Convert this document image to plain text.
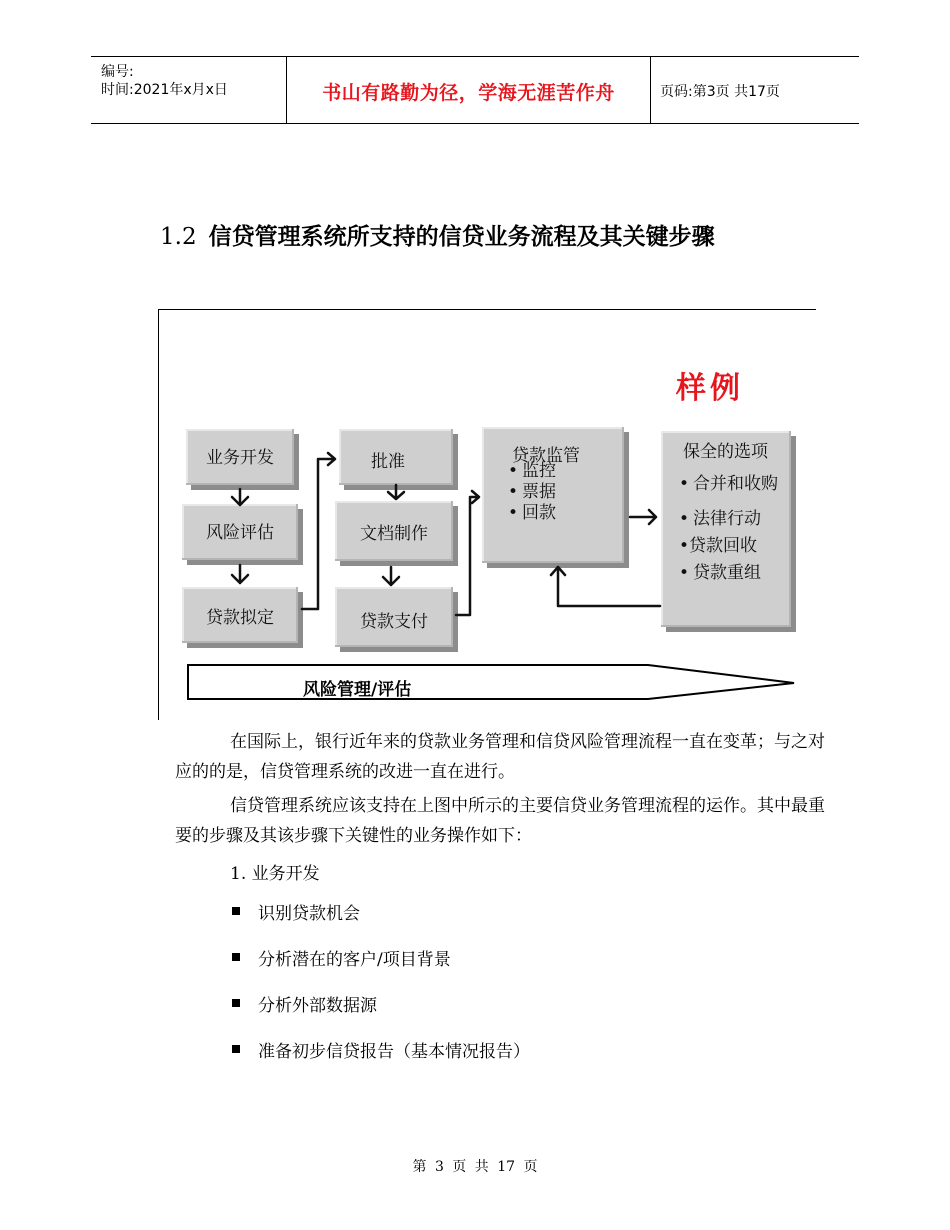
编号:
时间:2021年x月x日	书山有路勤为径，学海无涯苦作舟	页码:第3页 共17页
1.2 信贷管理系统所支持的信贷业务流程及其关键步骤
样例
业务开发
风险评估
贷款拟定
批准
文档制作
贷款支付
贷款监管
• 监控
• 票据
• 回款
保全的选项
• 合并和收购
• 法律行动
• 贷款回收
• 贷款重组
风险管理/评估

在国际上，银行近年来的贷款业务管理和信贷风险管理流程一直在变革；与之对应的的是，信贷管理系统的改进一直在进行。

信贷管理系统应该支持在上图中所示的主要信贷业务管理流程的运作。其中最重要的步骤及其该步骤下关键性的业务操作如下：

1. 业务开发
识别贷款机会
分析潜在的客户/项目背景
分析外部数据源
准备初步信贷报告（基本情况报告）
第 3 页 共 17 页
